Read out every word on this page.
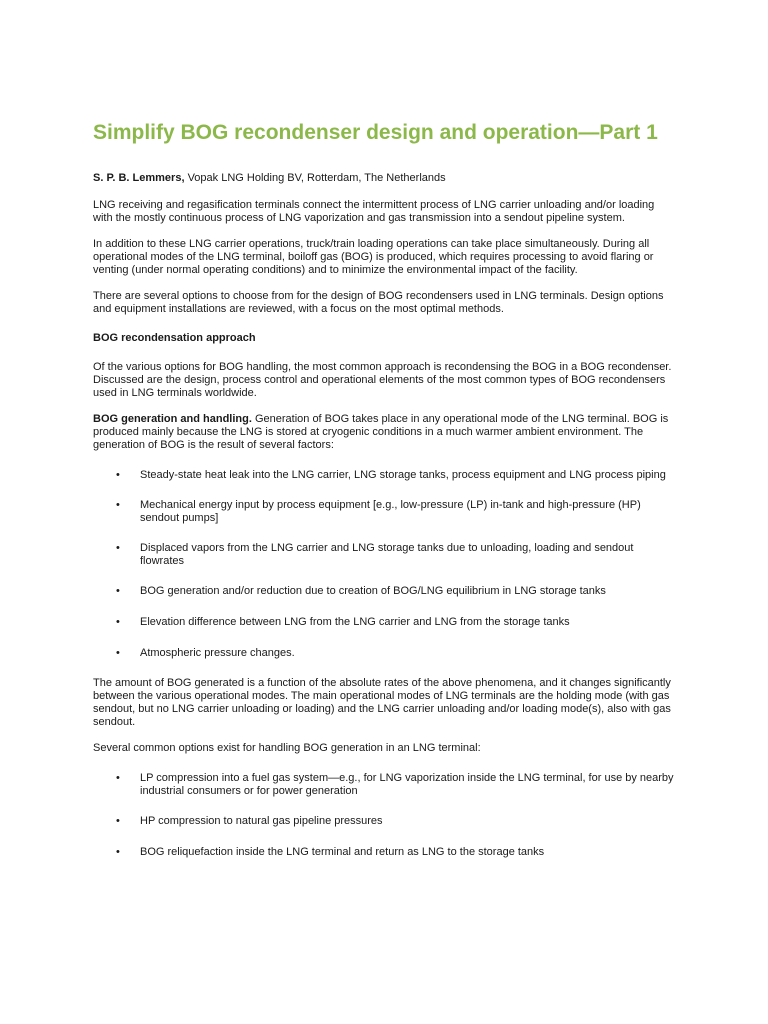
Simplify BOG recondenser design and operation—Part 1

S. P. B. Lemmers, Vopak LNG Holding BV, Rotterdam, The Netherlands

LNG receiving and regasification terminals connect the intermittent process of LNG carrier unloading and/or loading with the mostly continuous process of LNG vaporization and gas transmission into a sendout pipeline system.

In addition to these LNG carrier operations, truck/train loading operations can take place simultaneously. During all operational modes of the LNG terminal, boiloff gas (BOG) is produced, which requires processing to avoid flaring or venting (under normal operating conditions) and to minimize the environmental impact of the facility.

There are several options to choose from for the design of BOG recondensers used in LNG terminals. Design options and equipment installations are reviewed, with a focus on the most optimal methods.

BOG recondensation approach

Of the various options for BOG handling, the most common approach is recondensing the BOG in a BOG recondenser. Discussed are the design, process control and operational elements of the most common types of BOG recondensers used in LNG terminals worldwide.

BOG generation and handling. Generation of BOG takes place in any operational mode of the LNG terminal. BOG is produced mainly because the LNG is stored at cryogenic conditions in a much warmer ambient environment. The generation of BOG is the result of several factors:

• Steady-state heat leak into the LNG carrier, LNG storage tanks, process equipment and LNG process piping
• Mechanical energy input by process equipment [e.g., low-pressure (LP) in-tank and high-pressure (HP) sendout pumps]
• Displaced vapors from the LNG carrier and LNG storage tanks due to unloading, loading and sendout flowrates
• BOG generation and/or reduction due to creation of BOG/LNG equilibrium in LNG storage tanks
• Elevation difference between LNG from the LNG carrier and LNG from the storage tanks
• Atmospheric pressure changes.

The amount of BOG generated is a function of the absolute rates of the above phenomena, and it changes significantly between the various operational modes. The main operational modes of LNG terminals are the holding mode (with gas sendout, but no LNG carrier unloading or loading) and the LNG carrier unloading and/or loading mode(s), also with gas sendout.

Several common options exist for handling BOG generation in an LNG terminal:

• LP compression into a fuel gas system—e.g., for LNG vaporization inside the LNG terminal, for use by nearby industrial consumers or for power generation
• HP compression to natural gas pipeline pressures
• BOG reliquefaction inside the LNG terminal and return as LNG to the storage tanks
